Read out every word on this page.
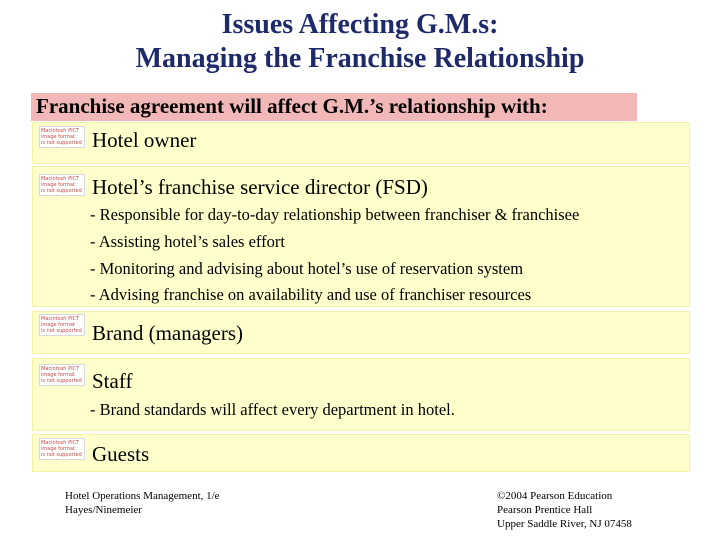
Issues Affecting G.M.s:
Managing the Franchise Relationship
Franchise agreement will affect G.M.’s relationship with:
Macintosh PICT
image format
is not supported Hotel owner
Macintosh PICT
image format
is not supported Hotel’s franchise service director (FSD)
- Responsible for day-to-day relationship between franchiser & franchisee
- Assisting hotel’s sales effort
- Monitoring and advising about hotel’s use of reservation system
- Advising franchise on availability and use of franchiser resources
Macintosh PICT
image format
is not supported Brand (managers)
Macintosh PICT
image format
is not supported Staff
- Brand standards will affect every department in hotel.
Macintosh PICT
image format
is not supported Guests
Hotel Operations Management, 1/e
Hayes/Ninemeier
©2004 Pearson Education
Pearson Prentice Hall
Upper Saddle River, NJ 07458
